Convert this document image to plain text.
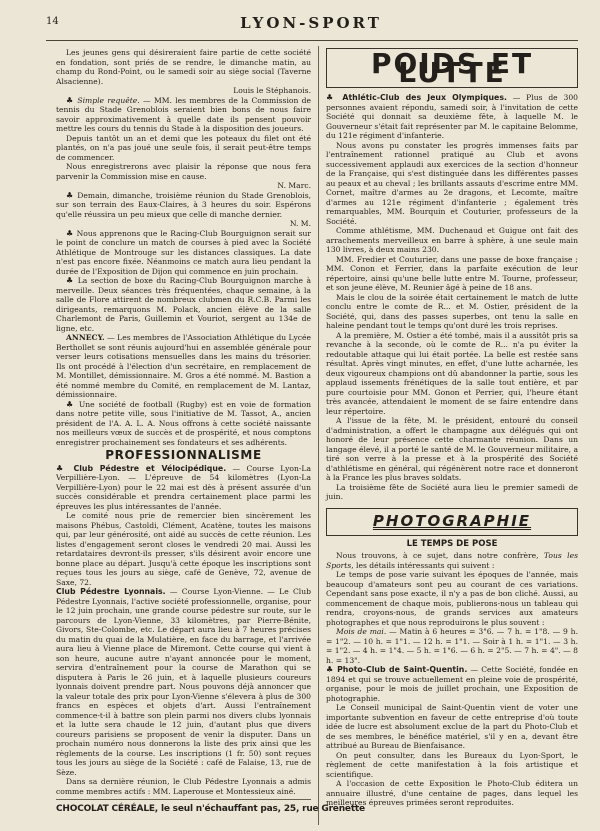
14	LYON-SPORT

Les jeunes gens qui désireraient faire partie de cette société en fondation, sont priés de se rendre, le dimanche matin, au champ du Rond-Point, ou le samedi soir au siège social (Taverne Alsacienne).

Louis le Stéphanois.

♣ Simple requête. — MM. les membres de la Commission de tennis du Stade Grenoblois seraient bien bons de nous faire savoir approximativement à quelle date ils pensent pouvoir mettre les cours du tennis du Stade à la disposition des joueurs.

Depuis tantôt un an et demi que les poteaux du filet ont été plantés, on n'a pas joué une seule fois, il serait peut-être temps de commencer.

Nous enregistrerons avec plaisir la réponse que nous fera parvenir la Commission mise en cause.

N. Marc.

♣ Demain, dimanche, troisième réunion du Stade Grenoblois, sur son terrain des Eaux-Claires, à 3 heures du soir. Espérons qu'elle réussira un peu mieux que celle di manche dernier.

N. M.

♣ Nous apprenons que le Racing-Club Bourguignon serait sur le point de conclure un match de courses à pied avec la Société Athlétique de Montrouge sur les distances classiques. La date n'est pas encore fixée. Néanmoins ce match aura lieu pendant la durée de l'Exposition de Dijon qui commence en juin prochain.

♣ La section de boxe du Racing-Club Bourguignon marche à merveille. Deux séances très fréquentées, chaque semaine, à la salle de Flore attirent de nombreux clubmen du R.C.B. Parmi les dirigeants, remarquons M. Polack, ancien élève de la salle Charlemont de Paris, Guillemin et Vouriot, sergent au 134e de ligne, etc.

ANNECY. — Les membres de l'Association Athlétique du Lycée Berthollet se sont réunis aujourd'hui en assemblée générale pour verser leurs cotisations mensuelles dans les mains du trésorier. Ils ont procédé à l'élection d'un secrétaire, en remplacement de M. Montillet, démissionnaire. M. Gros a été nommé. M. Bastion a été nommé membre du Comité, en remplacement de M. Lantaz, démissionnaire.

♣ Une société de football (Rugby) est en voie de formation dans notre petite ville, sous l'initiative de M. Tassot, A., ancien président de l'A. A. L. A. Nous offrons à cette société naissante nos meilleurs vœux de succès et de prospérité, et nous comptons enregistrer prochainement ses fondateurs et ses adhérents.

PROFESSIONNALISME

♣ Club Pédestre et Vélocipédique. — Course Lyon-La Verpillière-Lyon. — L'épreuve de 54 kilomètres (Lyon-La Verpillière-Lyon) pour le 22 mai est dès à présent assurée d'un succès considérable et prendra certainement place parmi les épreuves les plus intéressantes de l'année.

Le comité nous prie de remercier bien sincèrement les maisons Phébus, Castoldi, Clément, Acatène, toutes les maisons qui, par leur générosité, ont aidé au succès de cette réunion. Les listes d'engagement seront closes le vendredi 20 mai. Aussi les retardataires devront-ils presser, s'ils désirent avoir encore une bonne place au départ. Jusqu'à cette époque les inscriptions sont reçues tous les jours au siège, café de Genève, 72, avenue de Saxe, 72.

Club Pédestre Lyonnais. — Course Lyon-Vienne. — Le Club Pédestre Lyonnais, l'active société professionnelle, organise, pour le 12 juin prochain, une grande course pédestre sur route, sur le parcours de Lyon-Vienne, 33 kilomètres, par Pierre-Bénite, Givors, Ste-Colombe, etc. Le départ aura lieu à 7 heures précises du matin du quai de la Mulatière, en face du barrage, et l'arrivée aura lieu à Vienne place de Miremont. Cette course qui vient à son heure, aucune autre n'ayant annoncée pour le moment, servira d'entraînement pour la course de Marathon qui se disputera à Paris le 26 juin, et à laquelle plusieurs coureurs lyonnais doivent prendre part. Nous pouvons déjà annoncer que la valeur totale des prix pour Lyon-Vienne s'élevera à plus de 300 francs en espèces et objets d'art. Aussi l'entraînement commence-t-il à battre son plein parmi nos divers clubs lyonnais et la lutte sera chaude le 12 juin, d'autant plus que divers coureurs parisiens se proposent de venir la disputer. Dans un prochain numéro nous donnerons la liste des prix ainsi que les règlements de la course. Les inscriptions (1 fr. 50) sont reçues tous les jours au siège de la Société : café de Falaise, 13, rue de Sèze.

Dans sa dernière réunion, le Club Pédestre Lyonnais a admis comme membres actifs : MM. Laperouse et Montessieux ainé.

CHOCOLAT CÉRÉALE, le seul n'échauffant pas, 25, rue Grenette

POIDS ET LUTTE

♣ Athlétic-Club des Jeux Olympiques. — Plus de 300 personnes avaient répondu, samedi soir, à l'invitation de cette Société qui donnait sa deuxième fête, à laquelle M. le Gouverneur s'était fait représenter par M. le capitaine Belomme, du 121e régiment d'infanterie.

Nous avons pu constater les progrès immenses faits par l'entraînement rationnel pratiqué au Club et avons successivement applaudi aux exercices de la section d'honneur de la Française, qui s'est distinguée dans les différentes passes au peaux et au cheval ; les brillants assauts d'escrime entre MM. Cornet, maître d'armes au 2e dragons, et Lecomte, maître d'armes au 121e régiment d'infanterie ; également très remarquables, MM. Bourquin et Couturier, professeurs de la Société.

Comme athlétisme, MM. Duchenaud et Guigue ont fait des arrachements merveilleux en barre à sphère, à une seule main 130 livres, à deux mains 230.

MM. Fredier et Couturier, dans une passe de boxe française ; MM. Conon et Ferrier, dans la parfaite exécution de leur répertoire, ainsi qu'une belle lutte entre M. Tourne, professeur, et son jeune élève, M. Reunier âgé à peine de 18 ans.

Mais le clou de la soirée était certainement le match de lutte conclu entre le comte de R... et M. Ostier, président de la Société, qui, dans des passes superbes, ont tenu la salle en haleine pendant tout le temps qu'ont duré les trois reprises.

A la première, M. Ostier a été tombé, mais il a aussitôt pris sa revanche à la seconde, où le comte de R... n'a pu éviter la redoutable attaque qui lui était portée. La belle est restée sans résultat. Après vingt minutes, en effet, d'une lutte acharnée, les deux vigoureux champions ont dû abandonner la partie, sous les applaud issements frénétiques de la salle tout entière, et par pure courtoisie pour MM. Gonon et Perrier, qui, l'heure étant très avancée, attendaient le moment de se faire entendre dans leur répertoire.

A l'issue de la fête, M. le président, entouré du conseil d'administration, a offert le champagne aux délégués qui ont honoré de leur présence cette charmante réunion. Dans un langage élevé, il a porté le santé de M. le Gouverneur militaire, a tiré son verre à la presse et à la prospérité des Société d'athlétisme en général, qui régénèrent notre race et donneront à la France les plus braves soldats.

La troisième fête de Société aura lieu le premier samedi de juin.

PHOTOGRAPHIE
LE TEMPS DE POSE

Nous trouvons, à ce sujet, dans notre confrère, Tous les Sports, les détails intéressants qui suivent :

Le temps de pose varie suivant les époques de l'année, mais beaucoup d'amateurs sont peu au courant de ces variations. Cependant sans pose exacte, il n'y a pas de bon cliché. Aussi, au commencement de chaque mois, publierons-nous un tableau qui rendra, croyons-nous, de grands services aux amateurs photographes et que nous reproduirons le plus souvent :

Mois de mai. — Matin à 6 heures = 3"6. — 7 h. = 1"8. — 9 h. = 1"2. — 10 h. = 1"1. — 12 h. = 1"1. — Soir à 1 h. = 1"1. — 3 h. = 1"2. — 4 h. = 1"4. — 5 h. = 1"6. — 6 h. = 2"5. — 7 h. = 4". — 8 h. = 13".

♣ Photo-Club de Saint-Quentin. — Cette Société, fondée en 1894 et qui se trouve actuellement en pleine voie de prospérité, organise, pour le mois de juillet prochain, une Exposition de photographie.

Le Conseil municipal de Saint-Quentin vient de voter une importante subvention en faveur de cette entreprise d'où toute idée de lucre est absolument exclue de la part du Photo-Club et de ses membres, le bénéfice matériel, s'il y en a, devant être attribué au Bureau de Bienfaisance.

On peut consulter, dans les Bureaux du Lyon-Sport, le règlement de cette manifestation à la fois artistique et scientifique.

A l'occasion de cette Exposition le Photo-Club éditera un annuaire illustré, d'une centaine de pages, dans lequel les meilleures épreuves primées seront reproduites.
